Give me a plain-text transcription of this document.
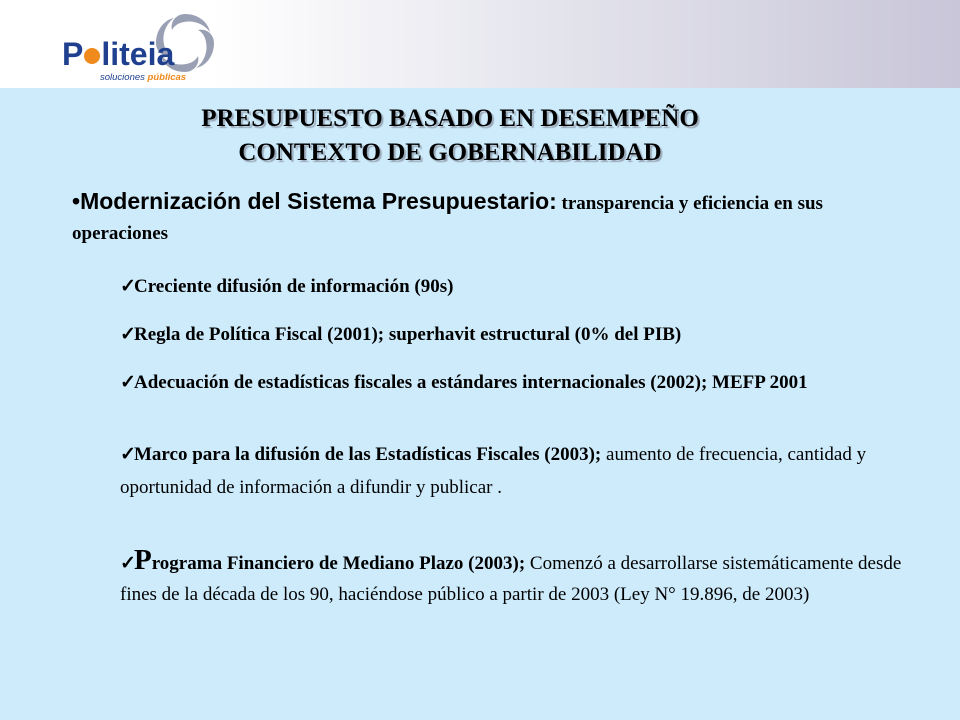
P liteia
soluciones públicas
PRESUPUESTO BASADO EN DESEMPEÑO
CONTEXTO DE GOBERNABILIDAD
•Modernización del Sistema Presupuestario: transparencia y eficiencia en sus operaciones
✓Creciente difusión de información (90s)
✓Regla de Política Fiscal (2001); superhavit estructural (0% del PIB)
✓Adecuación de estadísticas fiscales a estándares internacionales (2002); MEFP 2001
✓Marco para la difusión de las Estadísticas Fiscales (2003); aumento de frecuencia, cantidad y oportunidad de información a difundir y publicar .
✓Programa Financiero de Mediano Plazo (2003); Comenzó a desarrollarse sistemáticamente desde fines de la década de los 90, haciéndose público a partir de 2003 (Ley N° 19.896, de 2003)
